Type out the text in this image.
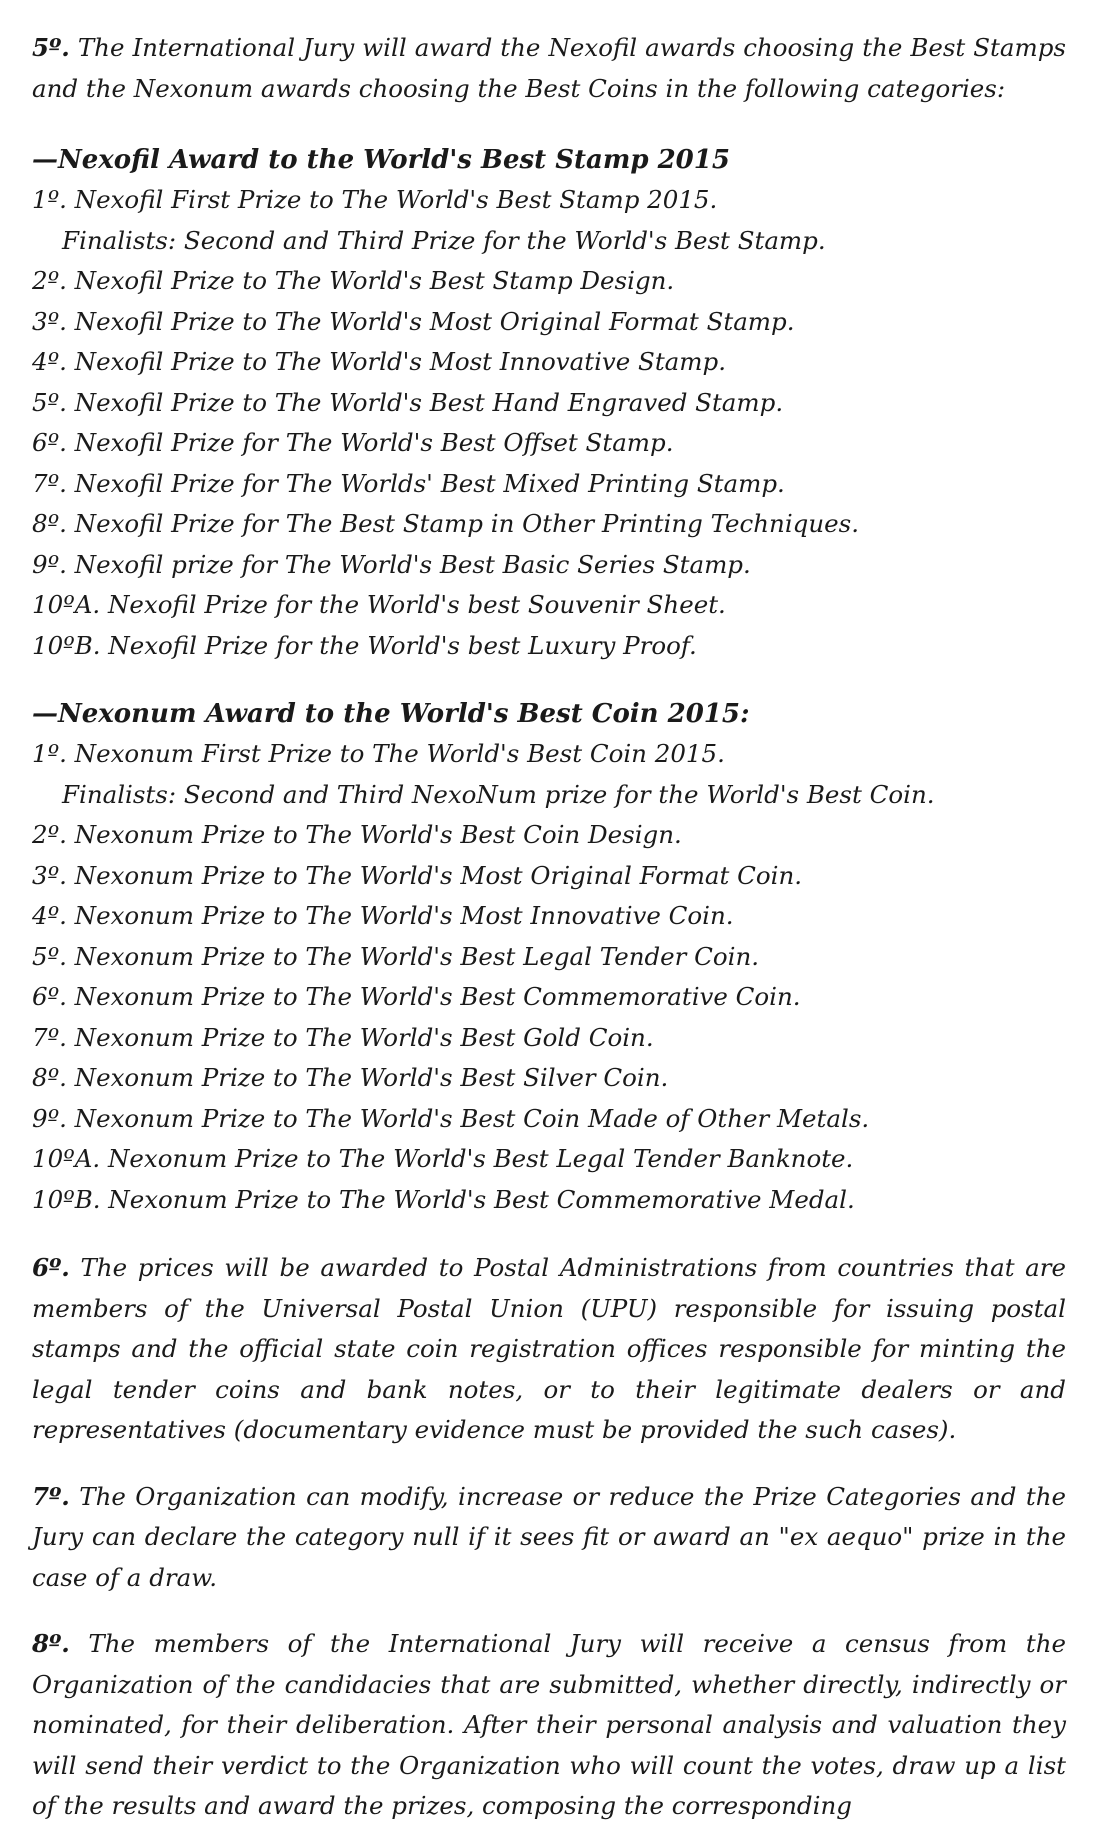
5º. The International Jury will award the Nexofil awards choosing the Best Stamps and the Nexonum awards choosing the Best Coins in the following categories:

—Nexofil Award to the World's Best Stamp 2015
1º. Nexofil First Prize to The World's Best Stamp 2015.
Finalists: Second and Third Prize for the World's Best Stamp.
2º. Nexofil Prize to The World's Best Stamp Design.
3º. Nexofil Prize to The World's Most Original Format Stamp.
4º. Nexofil Prize to The World's Most Innovative Stamp.
5º. Nexofil Prize to The World's Best Hand Engraved Stamp.
6º. Nexofil Prize for The World's Best Offset Stamp.
7º. Nexofil Prize for The Worlds' Best Mixed Printing Stamp.
8º. Nexofil Prize for The Best Stamp in Other Printing Techniques.
9º. Nexofil prize for The World's Best Basic Series Stamp.
10ºA. Nexofil Prize for the World's best Souvenir Sheet.
10ºB. Nexofil Prize for the World's best Luxury Proof.
—Nexonum Award to the World's Best Coin 2015:
1º. Nexonum First Prize to The World's Best Coin 2015.
Finalists: Second and Third NexoNum prize for the World's Best Coin.
2º. Nexonum Prize to The World's Best Coin Design.
3º. Nexonum Prize to The World's Most Original Format Coin.
4º. Nexonum Prize to The World's Most Innovative Coin.
5º. Nexonum Prize to The World's Best Legal Tender Coin.
6º. Nexonum Prize to The World's Best Commemorative Coin.
7º. Nexonum Prize to The World's Best Gold Coin.
8º. Nexonum Prize to The World's Best Silver Coin.
9º. Nexonum Prize to The World's Best Coin Made of Other Metals.
10ºA. Nexonum Prize to The World's Best Legal Tender Banknote.
10ºB. Nexonum Prize to The World's Best Commemorative Medal.

6º. The prices will be awarded to Postal Administrations from countries that are members of the Universal Postal Union (UPU) responsible for issuing postal stamps and the official state coin registration offices responsible for minting the legal tender coins and bank notes, or to their legitimate dealers or and representatives (documentary evidence must be provided the such cases).

7º. The Organization can modify, increase or reduce the Prize Categories and the Jury can declare the category null if it sees fit or award an "ex aequo" prize in the case of a draw.

8º. The members of the International Jury will receive a census from the Organization of the candidacies that are submitted, whether directly, indirectly or nominated, for their deliberation. After their personal analysis and valuation they will send their verdict to the Organization who will count the votes, draw up a list of the results and award the prizes, composing the corresponding
